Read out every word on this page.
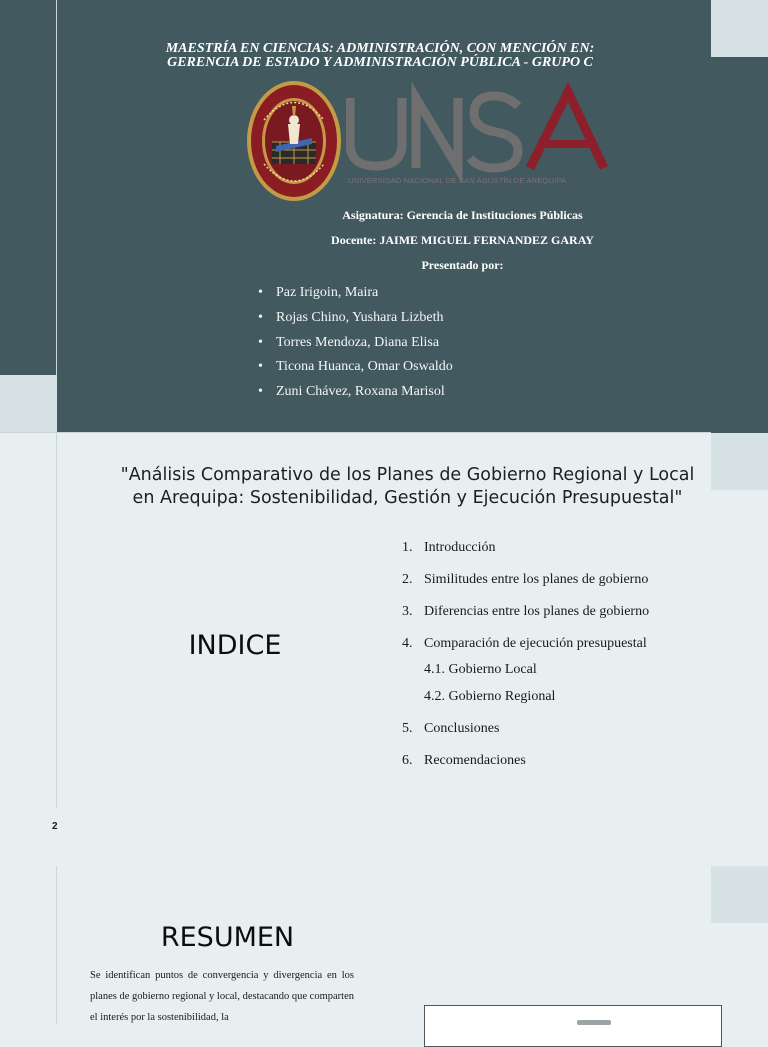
MAESTRÍA EN CIENCIAS: ADMINISTRACIÓN, CON MENCIÓN EN:
GERENCIA DE ESTADO Y ADMINISTRACIÓN PÚBLICA - GRUPO C
UNIVERSIDAD NACIONAL DE SAN AGUSTÍN DE AREQUIPA
Asignatura: Gerencia de Instituciones Públicas
Docente: JAIME MIGUEL FERNANDEZ GARAY
Presentado por:
• Paz Irigoin, Maira
• Rojas Chino, Yushara Lizbeth
• Torres Mendoza, Diana Elisa
• Ticona Huanca, Omar Oswaldo
• Zuni Chávez, Roxana Marisol
"Análisis Comparativo de los Planes de Gobierno Regional y Local en Arequipa: Sostenibilidad, Gestión y Ejecución Presupuestal"
INDICE
1. Introducción
2. Similitudes entre los planes de gobierno
3. Diferencias entre los planes de gobierno
4. Comparación de ejecución presupuestal
4.1. Gobierno Local
4.2. Gobierno Regional
5. Conclusiones
6. Recomendaciones
2
RESUMEN
Se identifican puntos de convergencia y divergencia en los planes de gobierno regional y local, destacando que comparten el interés por la sostenibilidad, la
